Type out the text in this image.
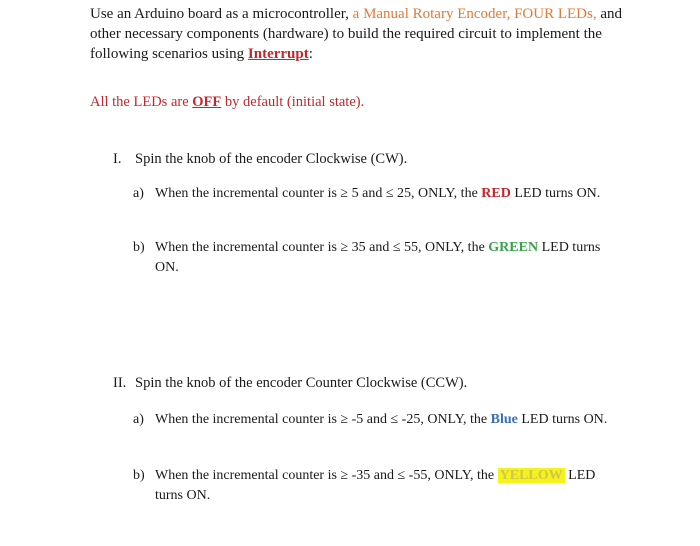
Use an Arduino board as a microcontroller, a Manual Rotary Encoder, FOUR LEDs, and other necessary components (hardware) to build the required circuit to implement the following scenarios using Interrupt:
All the LEDs are OFF by default (initial state).
I. Spin the knob of the encoder Clockwise (CW).
a) When the incremental counter is ≥ 5 and ≤ 25, ONLY, the RED LED turns ON.
b) When the incremental counter is ≥ 35 and ≤ 55, ONLY, the GREEN LED turns ON.
II. Spin the knob of the encoder Counter Clockwise (CCW).
a) When the incremental counter is ≥ -5 and ≤ -25, ONLY, the Blue LED turns ON.
b) When the incremental counter is ≥ -35 and ≤ -55, ONLY, the YELLOW LED turns ON.
